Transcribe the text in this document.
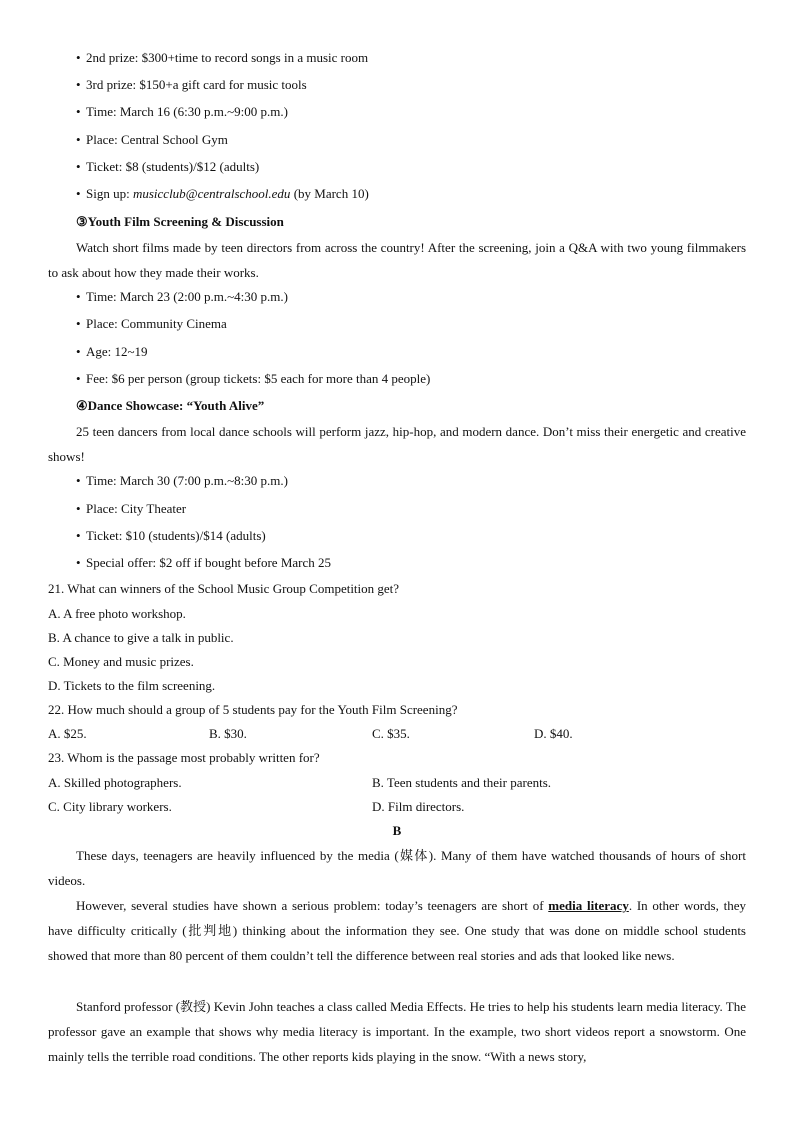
• 2nd prize: $300+time to record songs in a music room
• 3rd prize: $150+a gift card for music tools
• Time: March 16 (6:30 p.m.~9:00 p.m.)
• Place: Central School Gym
• Ticket: $8 (students)/$12 (adults)
• Sign up: musicclub@centralschool.edu (by March 10)
③Youth Film Screening & Discussion
Watch short films made by teen directors from across the country! After the screening, join a Q&A with two young filmmakers to ask about how they made their works.
• Time: March 23 (2:00 p.m.~4:30 p.m.)
• Place: Community Cinema
• Age: 12~19
• Fee: $6 per person (group tickets: $5 each for more than 4 people)
④Dance Showcase: “Youth Alive”
25 teen dancers from local dance schools will perform jazz, hip-hop, and modern dance. Don’t miss their energetic and creative shows!
• Time: March 30 (7:00 p.m.~8:30 p.m.)
• Place: City Theater
• Ticket: $10 (students)/$14 (adults)
• Special offer: $2 off if bought before March 25
21. What can winners of the School Music Group Competition get?
A. A free photo workshop.
B. A chance to give a talk in public.
C. Money and music prizes.
D. Tickets to the film screening.
22. How much should a group of 5 students pay for the Youth Film Screening?
A. $25.	B. $30.	C. $35.	D. $40.
23. Whom is the passage most probably written for?
A. Skilled photographers.	B. Teen students and their parents.
C. City library workers.	D. Film directors.
B
These days, teenagers are heavily influenced by the media (媒体). Many of them have watched thousands of hours of short videos.
However, several studies have shown a serious problem: today’s teenagers are short of media literacy. In other words, they have difficulty critically (批判地) thinking about the information they see. One study that was done on middle school students showed that more than 80 percent of them couldn’t tell the difference between real stories and ads that looked like news.
Stanford professor (教授) Kevin John teaches a class called Media Effects. He tries to help his students learn media literacy. The professor gave an example that shows why media literacy is important. In the example, two short videos report a snowstorm. One mainly tells the terrible road conditions. The other reports kids playing in the snow. “With a news story,
